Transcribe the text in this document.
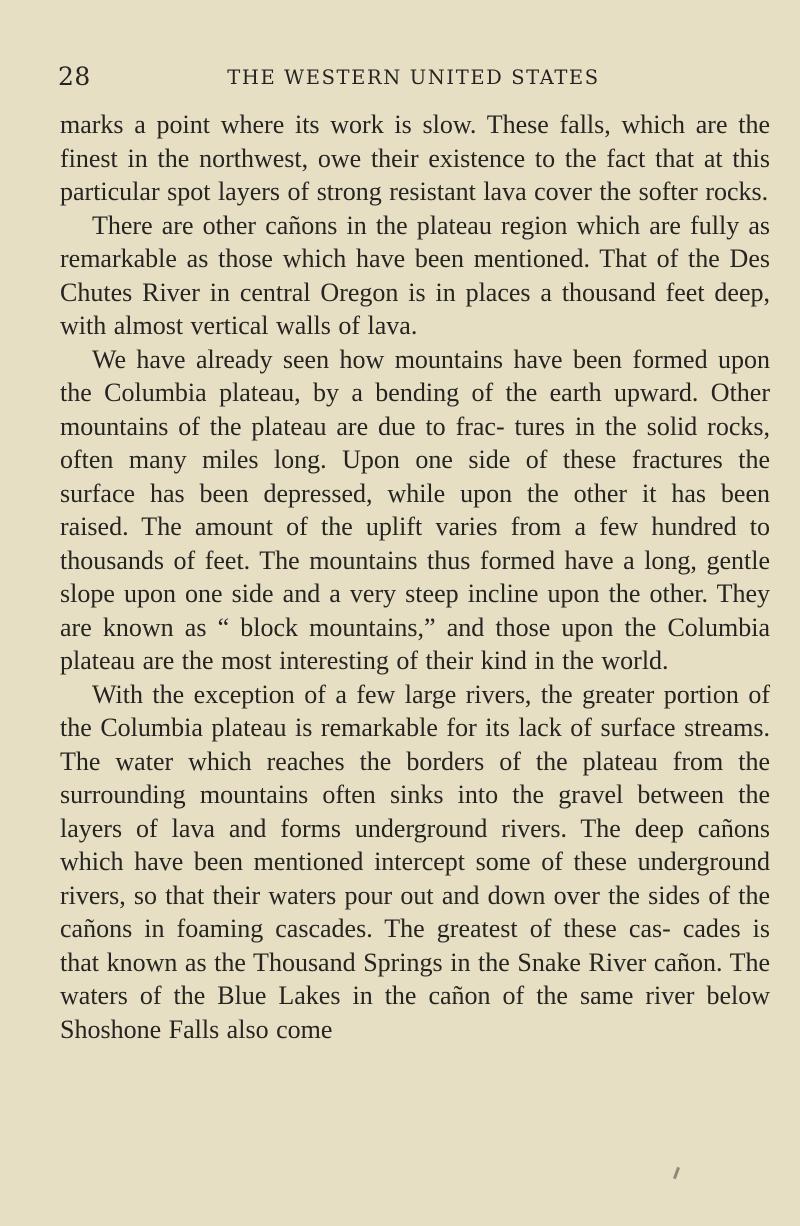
28	THE WESTERN UNITED STATES

marks a point where its work is slow. These falls, which are the finest in the northwest, owe their existence to the fact that at this particular spot layers of strong resistant lava cover the softer rocks.

There are other cañons in the plateau region which are fully as remarkable as those which have been mentioned. That of the Des Chutes River in central Oregon is in places a thousand feet deep, with almost vertical walls of lava.

We have already seen how mountains have been formed upon the Columbia plateau, by a bending of the earth upward. Other mountains of the plateau are due to frac- tures in the solid rocks, often many miles long. Upon one side of these fractures the surface has been depressed, while upon the other it has been raised. The amount of the uplift varies from a few hundred to thousands of feet. The mountains thus formed have a long, gentle slope upon one side and a very steep incline upon the other. They are known as “ block mountains,” and those upon the Columbia plateau are the most interesting of their kind in the world.

With the exception of a few large rivers, the greater portion of the Columbia plateau is remarkable for its lack of surface streams. The water which reaches the borders of the plateau from the surrounding mountains often sinks into the gravel between the layers of lava and forms underground rivers. The deep cañons which have been mentioned intercept some of these underground rivers, so that their waters pour out and down over the sides of the cañons in foaming cascades. The greatest of these cas- cades is that known as the Thousand Springs in the Snake River cañon. The waters of the Blue Lakes in the cañon of the same river below Shoshone Falls also come
